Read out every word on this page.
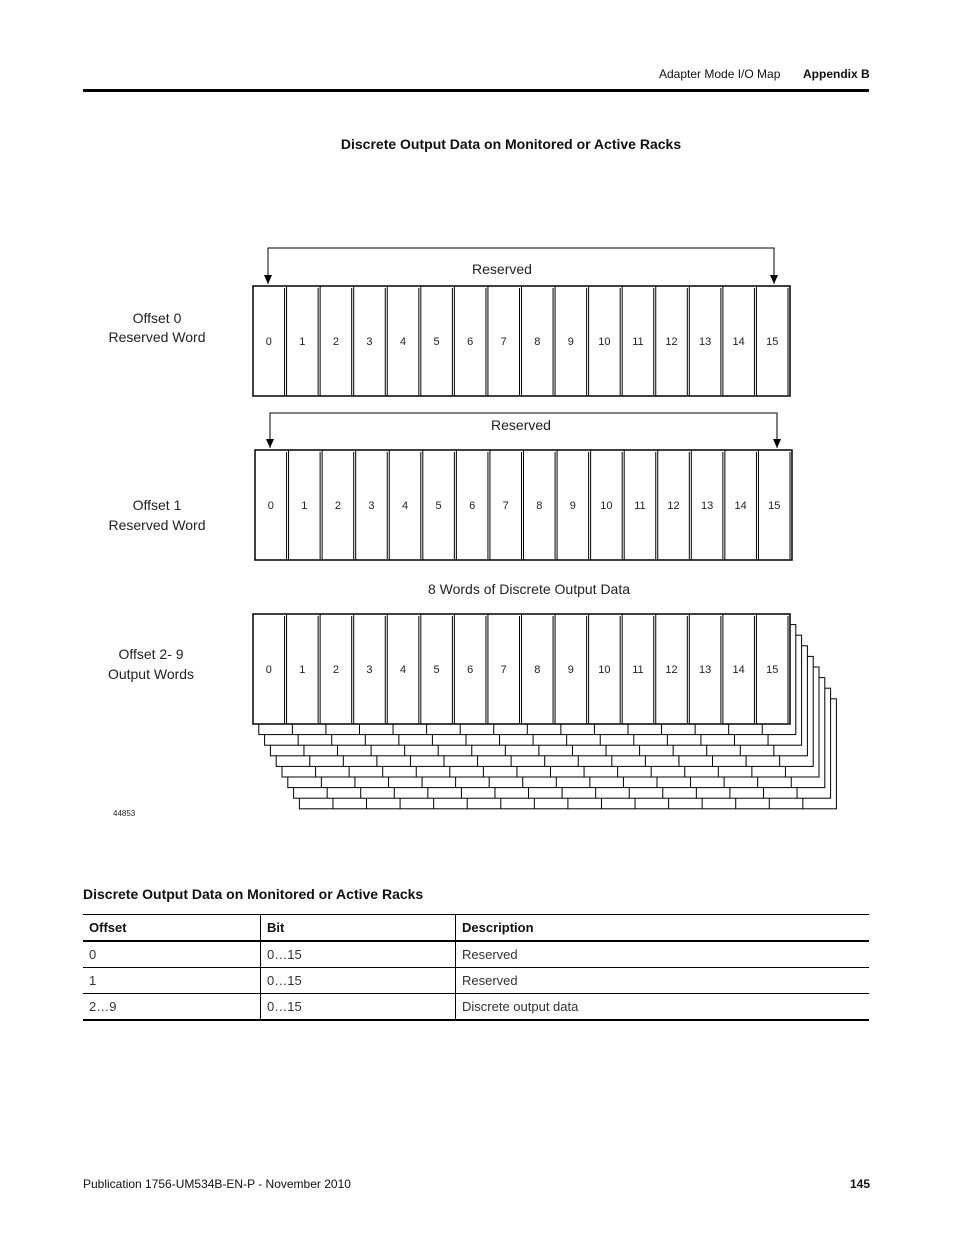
Adapter Mode I/O Map Appendix B
Discrete Output Data on Monitored or Active Racks
Reserved
Offset 0
Reserved Word	0 1 2 3 4 5 6 7 8 9 10 11 12 13 14 15
Reserved
Offset 1
Reserved Word
0 1 2 3 4 5 6 7 8 9 10 11 12 13 14 15
8 Words of Discrete Output Data
Offset 2- 9
Output Words	0 1 2 3 4 5 6 7 8 9 10 11 12 13 14 15
44853
Discrete Output Data on Monitored or Active Racks
Offset	Bit	Description
0	0…15	Reserved
1	0…15	Reserved
2…9	0…15	Discrete output data
Publication 1756-UM534B-EN-P - November 2010	145
